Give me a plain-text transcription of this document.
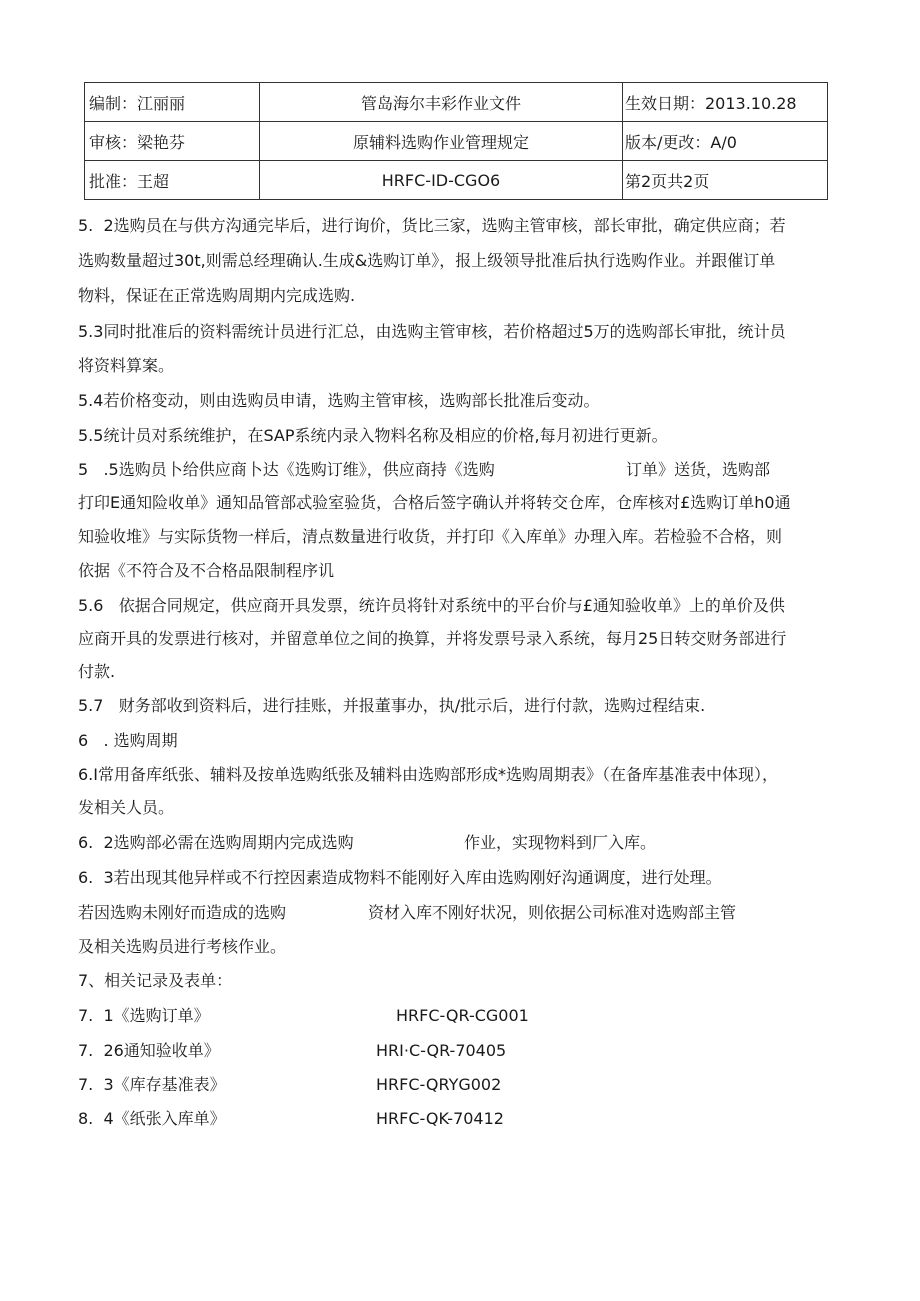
编制：江丽丽	管岛海尔丰彩作业文件	生效日期：2013.10.28
审核：梁艳芬	原辅料选购作业管理规定	版本/更改：A/0
批准：王超	HRFC-ID-CGO6	第2页共2页
5.  2选购员在与供方沟通完毕后，进行询价，货比三家，选购主管审核，部长审批，确定供应商；若
选购数量超过30t,则需总经理确认.生成&选购订单》，报上级领导批准后执行选购作业。并跟催订单
物料，保证在正常选购周期内完成选购.
5.3同时批准后的资料需统计员进行汇总，由选购主管审核，若价格超过5万的选购部长审批，统计员
将资料算案。
5.4若价格变动，则由选购员申请，选购主管审核，选购部长批准后变动。
5.5统计员对系统维护，在SAP系统内录入物料名称及相应的价格,每月初进行更新。
5   .5选购员卜给供应商卜达《选购订维》，供应商持《选购	订单》送货，选购部
打印E通知险收单》通知品管部忒验室验货，合格后签字确认并将转交仓库，仓库核对£选购订单h0通
知验收堆》与实际货物一样后，清点数量进行收货，并打印《入库单》办理入库。若检验不合格，则
依据《不符合及不合格品限制程序讥
5.6   依据合同规定，供应商开具发票，统许员将针对系统中的平台价与£通知验收单》上的单价及供
应商开具的发票进行核对，并留意单位之间的换算，并将发票号录入系统，每月25日转交财务部进行
付款.
5.7   财务部收到资料后，进行挂账，并报董事办，执/批示后，进行付款，选购过程结束.
6   . 选购周期
6.I常用备库纸张、辅料及按单选购纸张及辅料由选购部形成*选购周期表》（在备库基准表中体现），
发相关人员。
6.  2选购部必需在选购周期内完成选购	作业，实现物料到厂入库。
6.  3若出现其他异样或不行控因素造成物料不能刚好入库由选购刚好沟通调度，进行处理。
若因选购未刚好而造成的选购	资材入库不刚好状况，则依据公司标准对选购部主管
及相关选购员进行考核作业。
7、相关记录及表单：
7.  1《选购订单》	HRFC-QR-CG001
7.  26通知验收单》	HRI·C-QR-70405
7.  3《库存基准表》	HRFC-QRYG002
8.  4《纸张入库单》	HRFC-QK-70412
